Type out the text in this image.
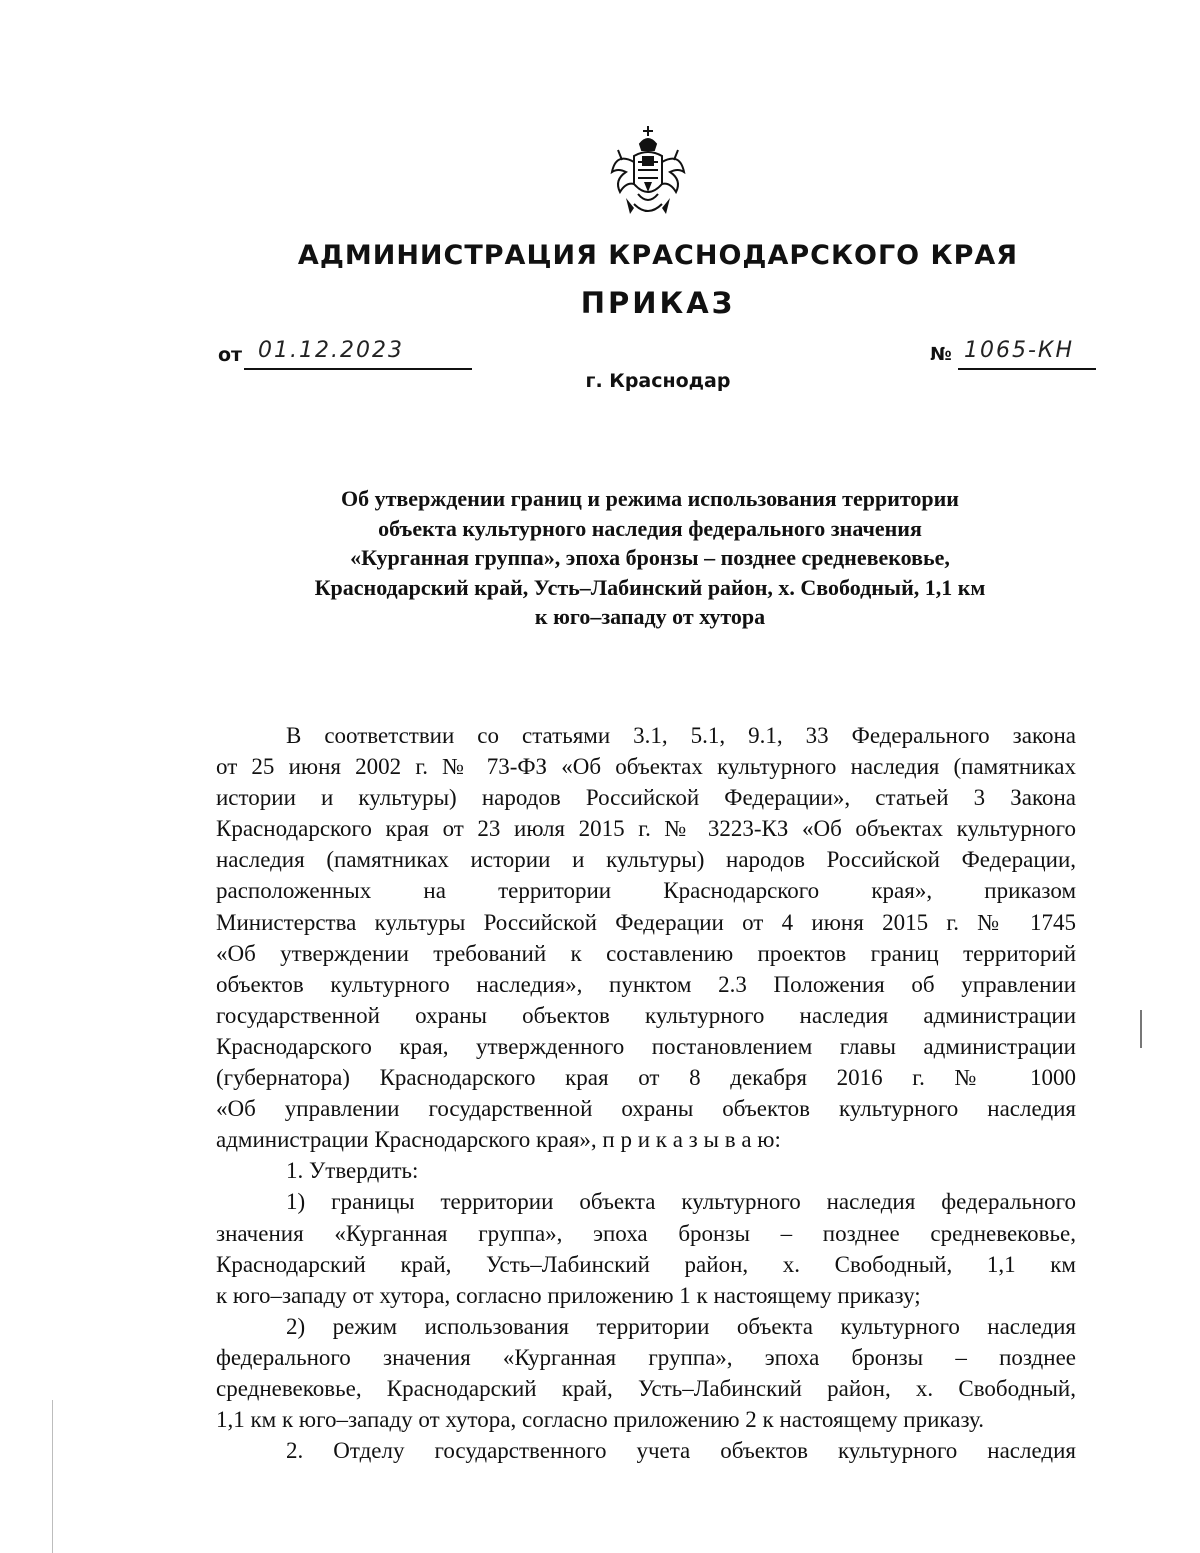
АДМИНИСТРАЦИЯ КРАСНОДАРСКОГО КРАЯ
ПРИКАЗ
от 01.12.2023	№ 1065-КН
г. Краснодар
Об утверждении границ и режима использования территории
объекта культурного наследия федерального значения
«Курганная группа», эпоха бронзы – позднее средневековье,
Краснодарский край, Усть–Лабинский район, х. Свободный, 1,1 км
к юго–западу от хутора
В соответствии со статьями 3.1, 5.1, 9.1, 33 Федерального закона
от 25 июня 2002 г. № 73-ФЗ «Об объектах культурного наследия (памятниках
истории и культуры) народов Российской Федерации», статьей 3 Закона
Краснодарского края от 23 июля 2015 г. № 3223-КЗ «Об объектах культурного
наследия (памятниках истории и культуры) народов Российской Федерации,
расположенных на территории Краснодарского края», приказом
Министерства культуры Российской Федерации от 4 июня 2015 г. № 1745
«Об утверждении требований к составлению проектов границ территорий
объектов культурного наследия», пунктом 2.3 Положения об управлении
государственной охраны объектов культурного наследия администрации
Краснодарского края, утвержденного постановлением главы администрации
(губернатора) Краснодарского края от 8 декабря 2016 г. № 1000
«Об управлении государственной охраны объектов культурного наследия
администрации Краснодарского края», п р и к а з ы в а ю:
1. Утвердить:
1) границы территории объекта культурного наследия федерального
значения «Курганная группа», эпоха бронзы – позднее средневековье,
Краснодарский край, Усть–Лабинский район, х. Свободный, 1,1 км
к юго–западу от хутора, согласно приложению 1 к настоящему приказу;
2) режим использования территории объекта культурного наследия
федерального значения «Курганная группа», эпоха бронзы – позднее
средневековье, Краснодарский край, Усть–Лабинский район, х. Свободный,
1,1 км к юго–западу от хутора, согласно приложению 2 к настоящему приказу.
2. Отделу государственного учета объектов культурного наследия
